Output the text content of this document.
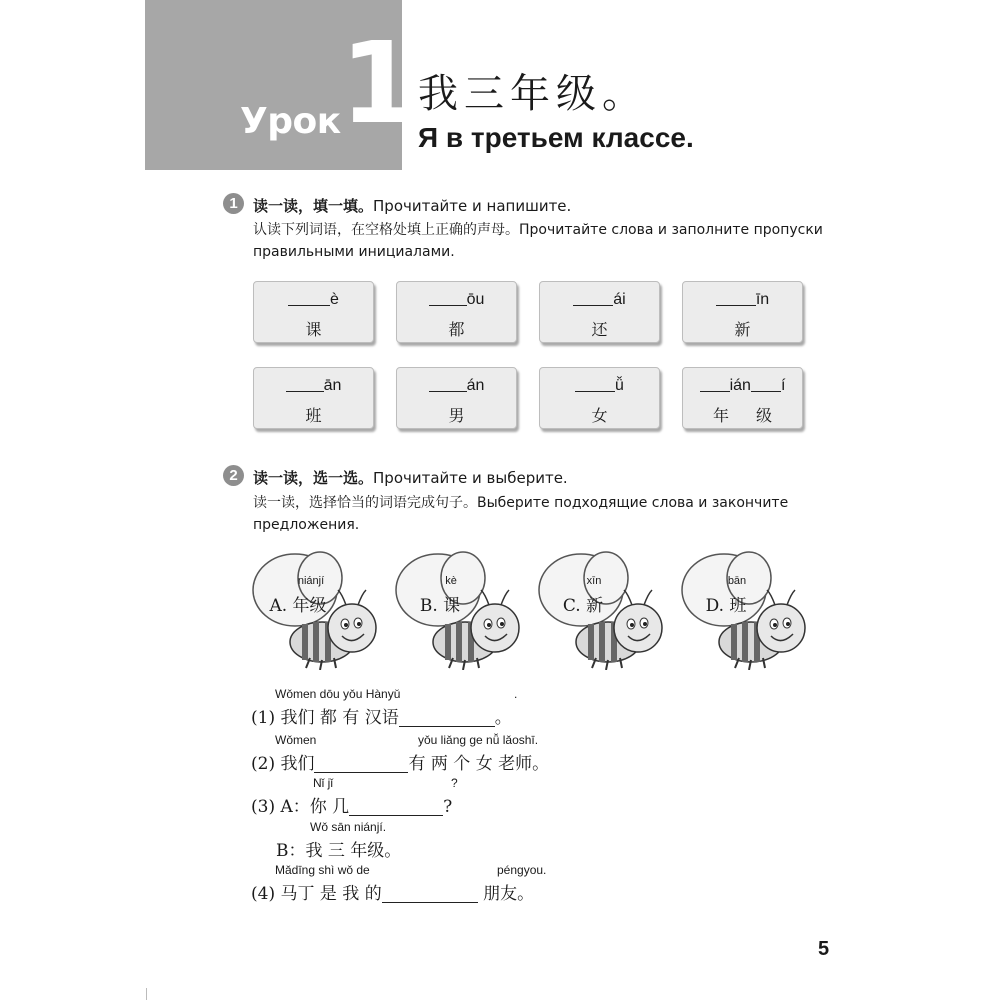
Урок 1 我三年级。
Я в третьем классе.
1	读一读，填一填。Прочитайте и напишите.
认读下列词语，在空格处填上正确的声母。Прочитайте слова и заполните пропуски правильными инициалами.
è
课
ōu
都
ái
还
īn
新
ān
班
án
男
ǚ
女
ián í
年 级
2	读一读，选一选。Прочитайте и выберите.
读一读，选择恰当的词语完成句子。Выберите подходящие слова и закончите предложения.
niánjí
A. 年级
kè
B. 课
xīn
C. 新
bān
D. 班
Wǒmen dōu yǒu Hànyǔ	.
(1) 我们 都 有 汉语	。
Wǒmen	yǒu liǎng ge nǚ lǎoshī.
(2) 我们	有 两 个 女 老师。
Nǐ jǐ	?
(3) A：你 几	?
Wǒ sān niánjí.
B：我 三 年级。
Mǎdīng shì wǒ de	péngyou.
(4) 马丁 是 我 的	朋友。
5
